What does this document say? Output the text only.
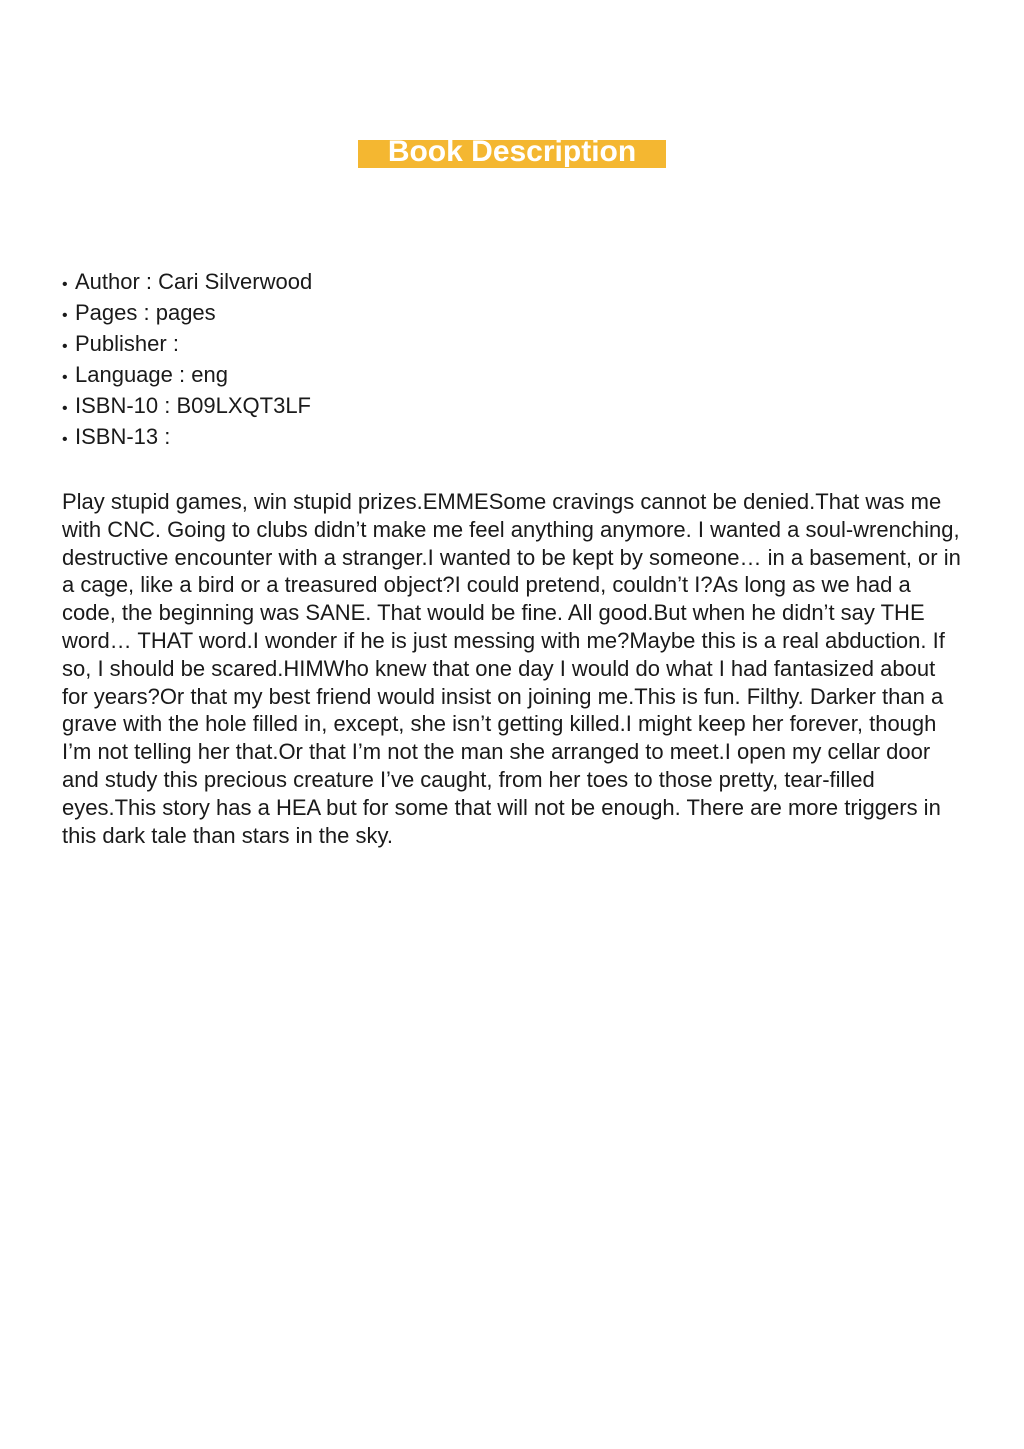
Book Description
• Author : Cari Silverwood
• Pages : pages
• Publisher :
• Language : eng
• ISBN-10 : B09LXQT3LF
• ISBN-13 :

Play stupid games, win stupid prizes.EMMESome cravings cannot be denied.That was me with CNC. Going to clubs didn’t make me feel anything anymore. I wanted a soul-wrenching, destructive encounter with a stranger.I wanted to be kept by someone… in a basement, or in a cage, like a bird or a treasured object?I could pretend, couldn’t I?As long as we had a code, the beginning was SANE. That would be fine. All good.But when he didn’t say THE word… THAT word.I wonder if he is just messing with me?Maybe this is a real abduction. If so, I should be scared.HIMWho knew that one day I would do what I had fantasized about for years?Or that my best friend would insist on joining me.This is fun. Filthy. Darker than a grave with the hole filled in, except, she isn’t getting killed.I might keep her forever, though I’m not telling her that.Or that I’m not the man she arranged to meet.I open my cellar door and study this precious creature I’ve caught, from her toes to those pretty, tear-filled eyes.This story has a HEA but for some that will not be enough. There are more triggers in this dark tale than stars in the sky.
